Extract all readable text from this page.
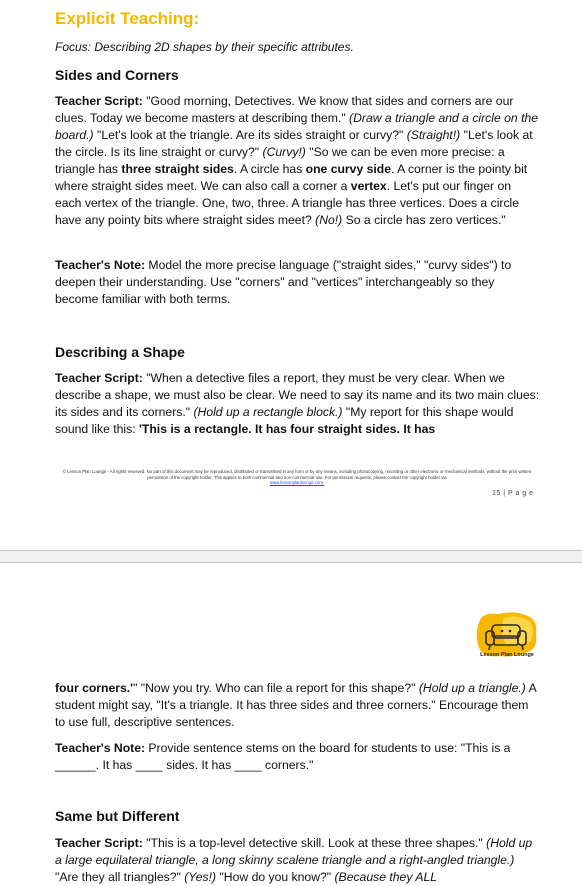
Explicit Teaching:
Focus: Describing 2D shapes by their specific attributes.
Sides and Corners

Teacher Script: "Good morning, Detectives. We know that sides and corners are our clues. Today we become masters at describing them." (Draw a triangle and a circle on the board.) "Let's look at the triangle. Are its sides straight or curvy?" (Straight!) "Let's look at the circle. Is its line straight or curvy?" (Curvy!) "So we can be even more precise: a triangle has three straight sides. A circle has one curvy side. A corner is the pointy bit where straight sides meet. We can also call a corner a vertex. Let's put our finger on each vertex of the triangle. One, two, three. A triangle has three vertices. Does a circle have any pointy bits where straight sides meet? (No!) So a circle has zero vertices."

Teacher's Note: Model the more precise language ("straight sides," "curvy sides") to deepen their understanding. Use "corners" and "vertices" interchangeably so they become familiar with both terms.

Describing a Shape

Teacher Script: "When a detective files a report, they must be very clear. When we describe a shape, we must also be clear. We need to say its name and its two main clues: its sides and its corners." (Hold up a rectangle block.) "My report for this shape would sound like this: 'This is a rectangle. It has four straight sides. It has

© Lesson Plan Lounge - All rights reserved. No part of this document may be reproduced, distributed or transmitted in any form or by any means, including photocopying, recording or other electronic or mechanical methods, without the prior written permission of the copyright holder. This applies to both commercial and non-commercial use. For permission requests, please contact the copyright holder via
www.lessonplanlounge.com.
15 | P a g e
Lesson Plan Lounge

four corners.'" "Now you try. Who can file a report for this shape?" (Hold up a triangle.) A student might say, "It's a triangle. It has three sides and three corners." Encourage them to use full, descriptive sentences.

Teacher's Note: Provide sentence stems on the board for students to use: "This is a ______. It has ____ sides. It has ____ corners."

Same but Different

Teacher Script: "This is a top-level detective skill. Look at these three shapes." (Hold up a large equilateral triangle, a long skinny scalene triangle and a right-angled triangle.) "Are they all triangles?" (Yes!) "How do you know?" (Because they ALL
